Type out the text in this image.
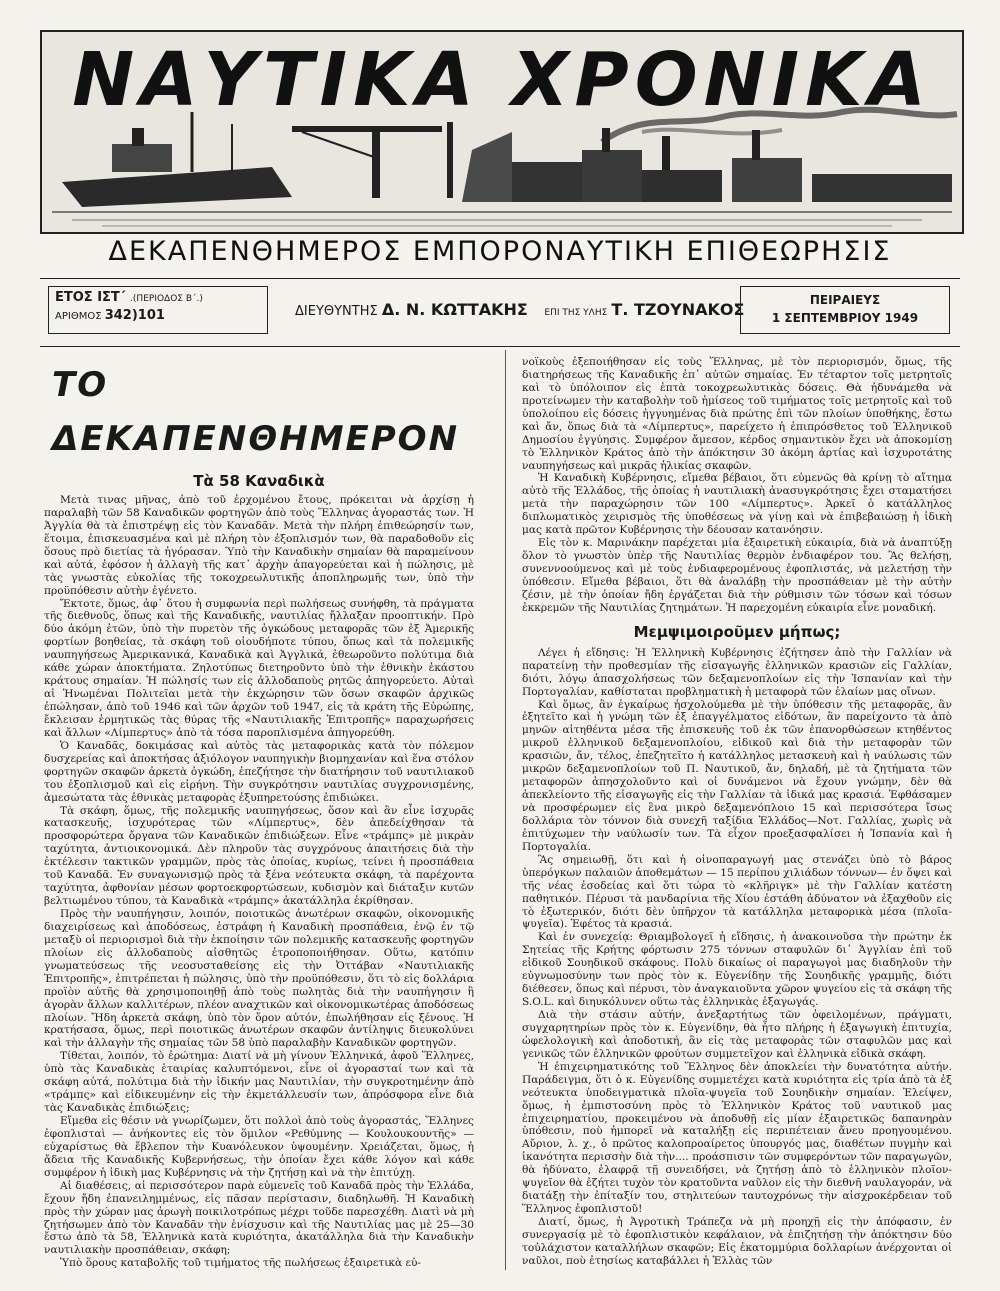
ΝΑΥΤΙΚΑ ΧΡΟΝΙΚΑ
ΔΕΚΑΠΕΝΘΗΜΕΡΟΣ ΕΜΠΟΡΟΝΑΥΤΙΚΗ ΕΠΙΘΕΩΡΗΣΙΣ
ΕΤΟΣ ΙΣΤ΄ .(ΠΕΡΙΟΔΟΣ Β΄.)
ΑΡΙΘΜΟΣ 342)101	ΔΙΕΥΘΥΝΤΗΣ Δ. Ν. ΚΩΤΤΑΚΗΣ ΕΠΙ ΤΗΣ ΥΛΗΣ Τ. ΤΖΟΥΝΑΚΟΣ	ΠΕΙΡΑΙΕΥΣ
1 ΣΕΠΤΕΜΒΡΙΟΥ 1949
ΤΟ ΔΕΚΑΠΕΝΘΗΜΕΡΟΝ
Τὰ 58 Καναδικὰ

Μετὰ τινας μῆνας, ἀπὸ τοῦ ἐρχομένου ἔτους, πρόκειται νὰ ἀρχίσῃ ἡ παραλαβὴ τῶν 58 Καναδικῶν φορτηγῶν ἀπὸ τοὺς Ἕλληνας ἀγοραστάς των. Ἡ Ἀγγλία θὰ τὰ ἐπιστρέψῃ εἰς τὸν Καναδᾶν. Μετὰ τὴν πλήρη ἐπιθεώρησίν των, ἕτοιμα, ἐπισκευασμένα καὶ μὲ πλήρη τὸν ἐξοπλισμόν των, θὰ παραδοθοῦν εἰς ὅσους πρὸ διετίας τὰ ἠγόρασαν. Ὑπὸ τὴν Καναδικὴν σημαίαν θὰ παραμείνουν καὶ αὐτά, ἐφόσον ἡ ἀλλαγὴ τῆς κατ᾽ ἀρχὴν ἀπαγορεύεται καὶ ἡ πώλησις, μὲ τὰς γνωστὰς εὐκολίας τῆς τοκοχρεωλυτικῆς ἀποπληρωμῆς των, ὑπὸ τὴν προϋπόθεσιν αὐτὴν ἐγένετο.

Ἔκτοτε, ὅμως, ἀφ᾽ ὅτου ἡ συμφωνία περὶ πωλήσεως συνήφθη, τὰ πράγματα τῆς διεθνοῦς, ὅπως καὶ τῆς Καναδικῆς, ναυτιλίας ἤλλαξαν προοπτικήν. Πρὸ δύο ἀκόμη ἐτῶν, ὑπὸ τὴν πυρετὸν τῆς ὀγκώδους μεταφορᾶς τῶν ἐξ Ἀμερικῆς φορτίων βοηθείας, τὰ σκάφη τοῦ οἱουδήποτε τύπου, ὅπως καὶ τὰ πολεμικῆς ναυπηγήσεως Ἀμερικανικά, Καναδικὰ καὶ Ἀγγλικά, ἐθεωροῦντο πολύτιμα διὰ κάθε χώραν ἀποκτήματα. Ζηλοτύπως διετηροῦντο ὑπὸ τὴν ἐθνικὴν ἑκάστου κράτους σημαίαν. Ἡ πώλησίς των εἰς ἀλλοδαποὺς ρητῶς ἀπηγορεύετο. Αὐταὶ αἱ Ἡνωμέναι Πολιτεῖαι μετὰ τὴν ἐκχώρησιν τῶν ὅσων σκαφῶν ἀρχικῶς ἐπώλησαν, ἀπὸ τοῦ 1946 καὶ τῶν ἀρχῶν τοῦ 1947, εἰς τὰ κράτη τῆς Εὐρώπης, ἔκλεισαν ἑρμητικῶς τὰς θύρας τῆς «Ναυτιλιακῆς Ἐπιτροπῆς» παραχωρήσεις καὶ ἄλλων «Λίμπερτυς» ἀπὸ τὰ τόσα παροπλισμένα ἀπηγορεύθη.

Ὁ Καναδᾶς, δοκιμάσας καὶ αὐτὸς τὰς μεταφορικὰς κατὰ τὸν πόλεμον δυσχερείας καὶ ἀποκτήσας ἀξιόλογον ναυπηγικὴν βιομηχανίαν καὶ ἕνα στόλον φορτηγῶν σκαφῶν ἀρκετὰ ὀγκώδη, ἐπεζήτησε τὴν διατήρησιν τοῦ ναυτιλιακοῦ του ἐξοπλισμοῦ καὶ εἰς εἰρήνη. Τὴν συγκρότησιν ναυτιλίας συγχρονισμένης, ἀμεσώτατα τὰς ἐθνικὰς μεταφορὰς ἐξυπηρετούσης ἐπιδιώκει.

Τὰ σκάφη, ὅμως, τῆς πολεμικῆς ναυπηγήσεως, ὅσον καὶ ἂν εἶνε ἰσχυρᾶς κατασκευῆς, ἰσχυρότερας τῶν «Λίμπερτυς», δὲν ἀπεδείχθησαν τὰ προσφορώτερα ὄργανα τῶν Καναδικῶν ἐπιδιώξεων. Εἶνε «τράμπς» μὲ μικρὰν ταχύτητα, ἀντιοικονομικά. Δὲν πληροῦν τὰς συγχρόνους ἀπαιτήσεις διὰ τὴν ἐκτέλεσιν τακτικῶν γραμμῶν, πρὸς τὰς ὁποίας, κυρίως, τείνει ἡ προσπάθεια τοῦ Καναδᾶ. Ἐν συναγωνισμῷ πρὸς τὰ ξένα νεότευκτα σκάφη, τὰ παρέχοντα ταχύτητα, ἀφθονίαν μέσων φορτοεκφορτώσεων, κυδισμὸν καὶ διάταξιν κυτῶν βελτιωμένου τύπου, τὰ Καναδικὰ «τράμπς» ἀκατάλληλα ἐκρίθησαν.

Πρὸς τὴν ναυπήγησιν, λοιπόν, ποιοτικῶς ἀνωτέρων σκαφῶν, οἰκονομικῆς διαχειρίσεως καὶ ἀποδόσεως, ἐστράφη ἡ Καναδικὴ προσπάθεια, ἐνῷ ἐν τῷ μεταξὺ οἱ περιορισμοὶ διὰ τὴν ἐκποίησιν τῶν πολεμικῆς κατασκευῆς φορτηγῶν πλοίων εἰς ἀλλοδαποὺς αἰσθητῶς ἐτροποποιήθησαν. Οὕτω, κατόπιν γνωματεύσεως τῆς νεοσυσταθείσης εἰς τὴν Ὀττάβαν «Ναυτιλιακῆς Ἐπιτροπῆς», ἐπιτρέπεται ἡ πώλησις, ὑπὸ τὴν προϋπόθεσιν, ὅτι τὸ εἰς δολλάρια προϊὸν αὐτῆς θὰ χρησιμοποιηθῇ ἀπὸ τοὺς πωλητὰς διὰ τὴν ναυπήγησιν ἢ ἀγορὰν ἄλλων καλλιτέρων, πλέον αναχτικῶν καὶ οἰκονομικωτέρας ἀποδόσεως πλοίων. Ἤδη ἀρκετὰ σκάφη, ὑπὸ τὸν ὅρον αὐτόν, ἐπωλήθησαν εἰς ξένους. Ἡ κρατήσασα, ὅμως, περὶ ποιοτικῶς ἀνωτέρων σκαφῶν ἀντίληψις διευκολύνει καὶ τὴν ἀλλαγὴν τῆς σημαίας τῶν 58 ὑπὸ παραλαβὴν Καναδικῶν φορτηγῶν.

Τίθεται, λοιπόν, τὸ ἐρώτημα: Διατί νὰ μὴ γίνουν Ἑλληνικά, ἀφοῦ Ἕλληνες, ὑπὸ τὰς Καναδικὰς ἑταιρίας καλυπτόμενοι, εἶνε οἱ ἀγορασταί των καὶ τὰ σκάφη αὐτά, πολύτιμα διὰ τὴν ἰδικήν μας Ναυτιλίαν, τὴν συγκροτημένην ἀπὸ «τράμπς» καὶ εἰδικευμένην εἰς τὴν ἐκμετάλλευσίν των, ἀπρόσφορα εἶνε διὰ τὰς Καναδικὰς ἐπιδιώξεις;

Εἴμεθα εἰς θέσιν νὰ γνωρίζωμεν, ὅτι πολλοὶ ἀπὸ τοὺς ἀγοραστάς, Ἕλληνες ἐφοπλισταὶ — ἀνήκοντες εἰς τὸν ὅμιλον «Ρεθύμνης — Κουλουκουντῆς» — εὐχαρίστως θὰ ἔβλεπον τὴν Κυανόλευκον ὑψουμένην. Χρειάζεται, ὅμως, ἡ ἄδεια τῆς Καναδικῆς Κυβερνήσεως, τὴν ὁποίαν ἔχει κάθε λόγον καὶ κάθε συμφέρον ἡ ἰδικὴ μας Κυβέρνησις νὰ τὴν ζητήσῃ καὶ νὰ τὴν ἐπιτύχῃ.

Αἱ διαθέσεις, αἱ περισσότερον παρὰ εὐμενεῖς τοῦ Καναδᾶ πρὸς τὴν Ἑλλάδα, ἔχουν ἤδη ἐπανειλημμένως, εἰς πᾶσαν περίστασιν, διαδηλωθῆ. Ἡ Καναδικὴ πρὸς τὴν χώραν μας ἀρωγὴ ποικιλοτρόπως μέχρι τοῦδε παρεσχέθη. Διατὶ νὰ μὴ ζητήσωμεν ἀπὸ τὸν Καναδᾶν τὴν ἐνίσχυσιν καὶ τῆς Ναυτιλίας μας μὲ 25—30 ἔστω ἀπὸ τὰ 58, Ἑλληνικὰ κατὰ κυριότητα, ἀκατάλληλα διὰ τὴν Καναδικὴν ναυτιλιακὴν προσπάθειαν, σκάφη;

Ὑπὸ ὅρους καταβολῆς τοῦ τιμήματος τῆς πωλήσεως ἐξαιρετικὰ εὐ-

νοϊκοὺς ἐξεποιήθησαν εἰς τοὺς Ἕλληνας, μὲ τὸν περιορισμόν, ὅμως, τῆς διατηρήσεως τῆς Καναδικῆς ἐπ᾽ αὐτῶν σημαίας. Ἐν τέταρτον τοῖς μετρητοῖς καὶ τὸ ὑπόλοιπον εἰς ἑπτὰ τοκοχρεωλυτικὰς δόσεις. Θὰ ἠδυνάμεθα νὰ προτείνωμεν τὴν καταβολὴν τοῦ ἡμίσεος τοῦ τιμήματος τοῖς μετρητοῖς καὶ τοῦ ὑπολοίπου εἰς δόσεις ἠγγυημένας διὰ πρώτης ἐπὶ τῶν πλοίων ὑποθήκης, ἔστω καὶ ἄν, ὅπως διὰ τὰ «Λίμπερτυς», παρείχετο ἡ ἐπιπρόσθετος τοῦ Ἑλληνικοῦ Δημοσίου ἐγγύησις. Συμφέρον ἄμεσον, κέρδος σημαντικὸν ἔχει νὰ ἀποκομίσῃ τὸ Ἑλληνικὸν Κράτος ἀπὸ τὴν ἀπόκτησιν 30 ἀκόμη ἀρτίας καὶ ἰσχυροτάτης ναυπηγήσεως καὶ μικρᾶς ἡλικίας σκαφῶν.

Ἡ Καναδικὴ Κυβέρνησις, εἴμεθα βέβαιοι, ὅτι εὐμενῶς θὰ κρίνῃ τὸ αἴτημα αὐτὸ τῆς Ἑλλάδος, τῆς ὁποίας ἡ ναυτιλιακὴ ἀνασυγκρότησις ἔχει σταματήσει μετὰ τὴν παραχώρησιν τῶν 100 «Λίμπερτυς». Ἀρκεῖ ὁ κατάλληλος διπλωματικὸς χειρισμὸς τῆς ὑποθέσεως νὰ γίνῃ καὶ νὰ ἐπιβεβαιώσῃ ἡ ἰδικὴ μας κατὰ πρῶτον Κυβέρνησις τὴν δέουσαν κατανόησιν.

Εἰς τὸν κ. Μαρινάκην παρέχεται μία ἐξαιρετικὴ εὐκαιρία, διὰ νὰ ἀναπτύξῃ ὅλον τὸ γνωστὸν ὑπὲρ τῆς Ναυτιλίας θερμὸν ἐνδιαφέρον του. Ἂς θελήσῃ, συνεννοούμενος καὶ μὲ τοὺς ἐνδιαφερομένους ἐφοπλιστάς, νὰ μελετήσῃ τὴν ὑπόθεσιν. Εἴμεθα βέβαιοι, ὅτι θὰ ἀναλάβῃ τὴν προσπάθειαν μὲ τὴν αὐτὴν ζέσιν, μὲ τὴν ὁποίαν ἤδη ἐργάζεται διὰ τὴν ρύθμισιν τῶν τόσων καὶ τόσων ἐκκρεμῶν τῆς Ναυτιλίας ζητημάτων. Ἡ παρεχομένη εὐκαιρία εἶνε μοναδική.

Μεμψιμοιροῦμεν μήπως;

Λέγει ἡ εἴδησις: Ἡ Ἑλληνικὴ Κυβέρνησις ἐζήτησεν ἀπὸ τὴν Γαλλίαν νὰ παρατείνῃ τὴν προθεσμίαν τῆς εἰσαγωγῆς ἑλληνικῶν κρασιῶν εἰς Γαλλίαν, διότι, λόγῳ ἀπασχολήσεως τῶν δεξαμενοπλοίων εἰς τὴν Ἱσπανίαν καὶ τὴν Πορτογαλίαν, καθίσταται προβληματικὴ ἡ μεταφορὰ τῶν ἐλαίων μας οἴνων.

Καὶ ὅμως, ἂν ἐγκαίρως ἠσχολούμεθα μὲ τὴν ὑπόθεσιν τῆς μεταφορᾶς, ἂν ἐξητεῖτο καὶ ἡ γνώμη τῶν ἐξ ἐπαγγέλματος εἰδότων, ἂν παρείχοντο τὰ ἀπὸ μηνῶν αἰτηθέντα μέσα τῆς ἐπισκευῆς τοῦ ἐκ τῶν ἐπανορθώσεων κτηθέντος μικροῦ ἑλληνικοῦ δεξαμενοπλοίου, εἰδικοῦ καὶ διὰ τὴν μεταφορὰν τῶν κρασιῶν, ἄν, τέλος, ἐπεζητεῖτο ἡ κατάλληλος μετασκευὴ καὶ ἡ ναύλωσις τῶν μικρῶν δεξαμενοπλοίων τοῦ Π. Ναυτικοῦ, ἄν, δηλαδή, μὲ τὰ ζητήματα τῶν μεταφορῶν ἀπησχολοῦντο καὶ οἱ δυνάμενοι νὰ ἔχουν γνώμην, δὲν θὰ ἀπεκλείοντο τῆς εἰσαγωγῆς εἰς τὴν Γαλλίαν τὰ ἰδικά μας κρασιά. Ἐφθάσαμεν νὰ προσφέρωμεν εἰς ἓνα μικρὸ δεξαμενόπλοιο 15 καὶ περισσότερα ἴσως δολλάρια τὸν τόννον διὰ συνεχῆ ταξίδια Ἑλλάδος—Νοτ. Γαλλίας, χωρὶς νὰ ἐπιτύχωμεν τὴν ναύλωσίν των. Τὰ εἶχον προεξασφαλίσει ἡ Ἱσπανία καὶ ἡ Πορτογαλία.

Ἂς σημειωθῇ, ὅτι καὶ ἡ οἰνοπαραγωγή μας στενάζει ὑπὸ τὸ βάρος ὑπερόγκων παλαιῶν ἀποθεμάτων — 15 περίπου χιλιάδων τόννων— ἐν ὄψει καὶ τῆς νέας ἐσοδείας καὶ ὅτι τώρα τὸ «κλῆριγκ» μὲ τὴν Γαλλίαν κατέστη παθητικόν. Πέρυσι τὰ μανδαρίνια τῆς Χίου ἐστάθη ἀδύνατον νὰ ἐξαχθοῦν εἰς τὸ ἐξωτερικόν, διότι δὲν ὑπῆρχον τὰ κατάλληλα μεταφορικὰ μέσα (πλοῖα-ψυγεῖα). Ἐφέτος τὰ κρασιά.

Καὶ ἐν συνεχείᾳ: Θριαμβολογεῖ ἡ εἴδησις, ἡ ἀνακοινοῦσα τὴν πρώτην ἐκ Σητείας τῆς Κρήτης φόρτωσιν 275 τόννων σταφυλῶν δι᾽ Ἀγγλίαν ἐπὶ τοῦ εἰδικοῦ Σουηδικοῦ σκάφους. Πολὺ δικαίως οἱ παραγωγοὶ μας διαδηλοῦν τὴν εὐγνωμοσύνην των πρὸς τὸν κ. Εὐγενίδην τῆς Σουηδικῆς γραμμῆς, διότι διέθεσεν, ὅπως καὶ πέρυσι, τὸν ἀναγκαιοῦντα χῶρον ψυγείου εἰς τὰ σκάφη τῆς S.O.L. καὶ διηυκόλυνεν οὕτω τὰς ἑλληνικὰς ἐξαγωγάς.

Διὰ τὴν στάσιν αὐτήν, ἀνεξαρτήτως τῶν ὀφειλομένων, πράγματι, συγχαρητηρίων πρὸς τὸν κ. Εὐγενίδην, θὰ ἦτο πλήρης ἡ ἐξαγωγικὴ ἐπιτυχία, ὠφελολογικὴ καὶ ἀποδοτική, ἂν εἰς τὰς μεταφορὰς τῶν σταφυλῶν μας καὶ γενικῶς τῶν ἑλληνικῶν φρούτων συμμετεῖχον καὶ ἑλληνικὰ εἰδικὰ σκάφη.

Ἡ ἐπιχειρηματικότης τοῦ Ἕλληνος δὲν ἀποκλείει τὴν δυνατότητα αὐτήν. Παράδειγμα, ὅτι ὁ κ. Εὐγενίδης συμμετέχει κατὰ κυριότητα εἰς τρία ἀπὸ τὰ ἐξ νεότευκτα ὑποδειγματικὰ πλοῖα-ψυγεῖα τοῦ Σουηδικὴν σημαίαν. Ἐλείψεν, ὅμως, ἡ ἐμπιστοσύνη πρὸς τὸ Ἑλληνικὸν Κράτος τοῦ ναυτικοῦ μας ἐπιχειρηματίου, προκειμένου νὰ ἀποδυθῇ εἰς μίαν ἐξαιρετικῶς δαπανηρὰν ὑπόθεσιν, ποὺ ἠμπορεῖ νὰ καταλήξῃ εἰς περιπέτειαν ἄνευ προηγουμένου. Αὔριον, λ. χ., ὁ πρῶτος καλοπροαίρετος ὑπουργός μας, διαθέτων πυγμὴν καὶ ἱκανότητα περισσὴν διὰ τὴν.... προάσπισιν τῶν συμφερόντων τῶν παραγωγῶν, θὰ ἠδύνατο, ἐλαφρᾷ τῇ συνειδήσει, νὰ ζητήσῃ ἀπὸ τὸ ἑλληνικὸν πλοῖον-ψυγεῖον θὰ ἐζήτει τυχὸν τὸν κρατοῦντα ναῦλον εἰς τὴν διεθνῆ ναυλαγοράν, νὰ διατάξῃ τὴν ἐπίταξίν του, στηλιτεύων ταυτοχρόνως τὴν αἰσχροκέρδειαν τοῦ Ἕλληνος ἐφοπλιστοῦ!

Διατί, ὅμως, ἡ Ἀγροτικὴ Τράπεζα νὰ μὴ προηχῇ εἰς τὴν ἀπόφασιν, ἐν συνεργασίᾳ μὲ τὸ ἐφοπλιστικὸν κεφάλαιον, νὰ ἐπιζητήσῃ τὴν ἀπόκτησιν δύο τοὐλάχιστον καταλλήλων σκαφῶν; Εἰς ἑκατομμύρια δολλαρίων ἀνέρχονται οἱ ναῦλοι, ποὺ ἐτησίως καταβάλλει ἡ Ἑλλὰς τῶν
